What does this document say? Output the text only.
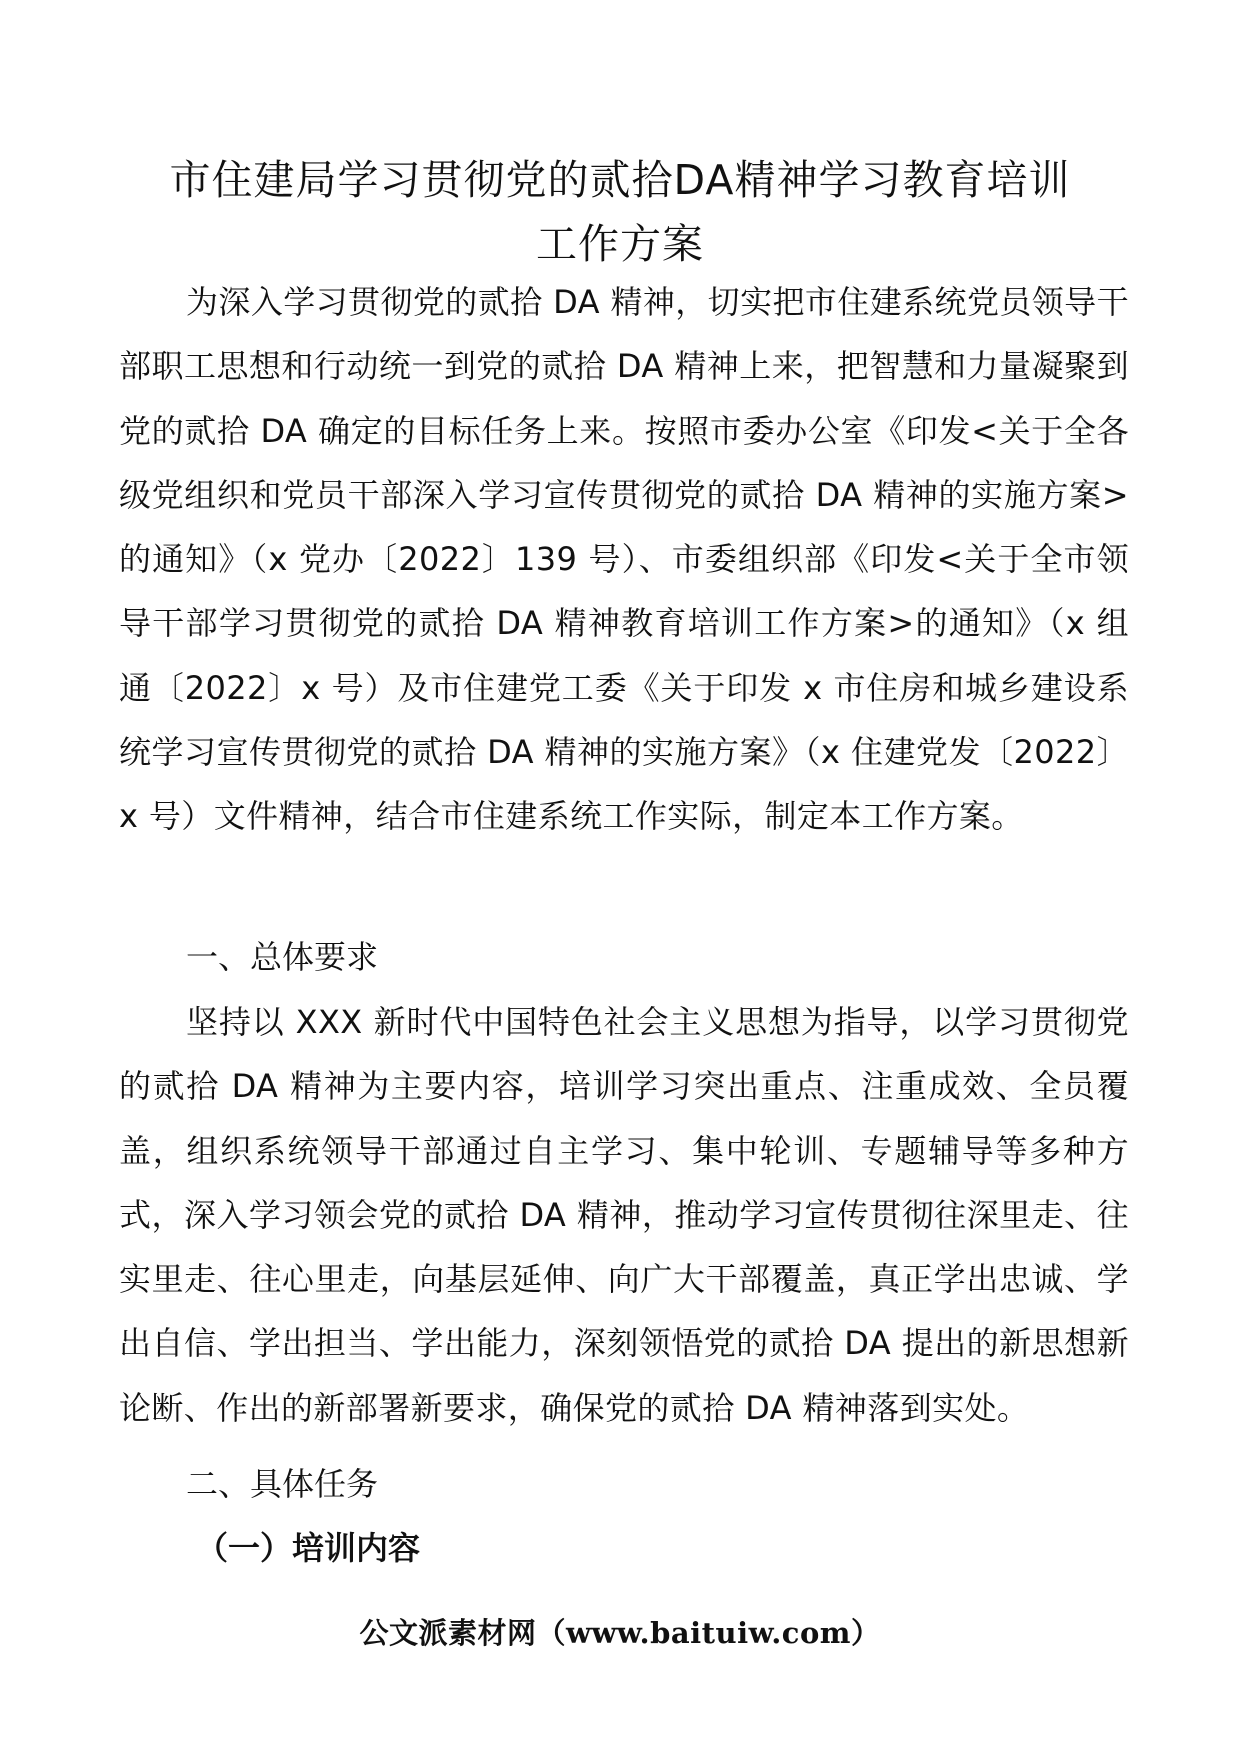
市住建局学习贯彻党的贰拾DA精神学习教育培训
工作方案

为深入学习贯彻党的贰拾 DA 精神，切实把市住建系统党员领导干部职工思想和行动统一到党的贰拾 DA 精神上来，把智慧和力量凝聚到党的贰拾 DA 确定的目标任务上来。按照市委办公室《印发<关于全各级党组织和党员干部深入学习宣传贯彻党的贰拾 DA 精神的实施方案>的通知》（x 党办〔2022〕139 号）、市委组织部《印发<关于全市领导干部学习贯彻党的贰拾 DA 精神教育培训工作方案>的通知》（x 组通〔2022〕x 号）及市住建党工委《关于印发 x 市住房和城乡建设系统学习宣传贯彻党的贰拾 DA 精神的实施方案》（x 住建党发〔2022〕x 号）文件精神，结合市住建系统工作实际，制定本工作方案。

一、总体要求

坚持以 XXX 新时代中国特色社会主义思想为指导，以学习贯彻党的贰拾 DA 精神为主要内容，培训学习突出重点、注重成效、全员覆盖，组织系统领导干部通过自主学习、集中轮训、专题辅导等多种方式，深入学习领会党的贰拾 DA 精神，推动学习宣传贯彻往深里走、往实里走、往心里走，向基层延伸、向广大干部覆盖，真正学出忠诚、学出自信、学出担当、学出能力，深刻领悟党的贰拾 DA 提出的新思想新论断、作出的新部署新要求，确保党的贰拾 DA 精神落到实处。

二、具体任务

（一）培训内容

公文派素材网（www.baituiw.com）
